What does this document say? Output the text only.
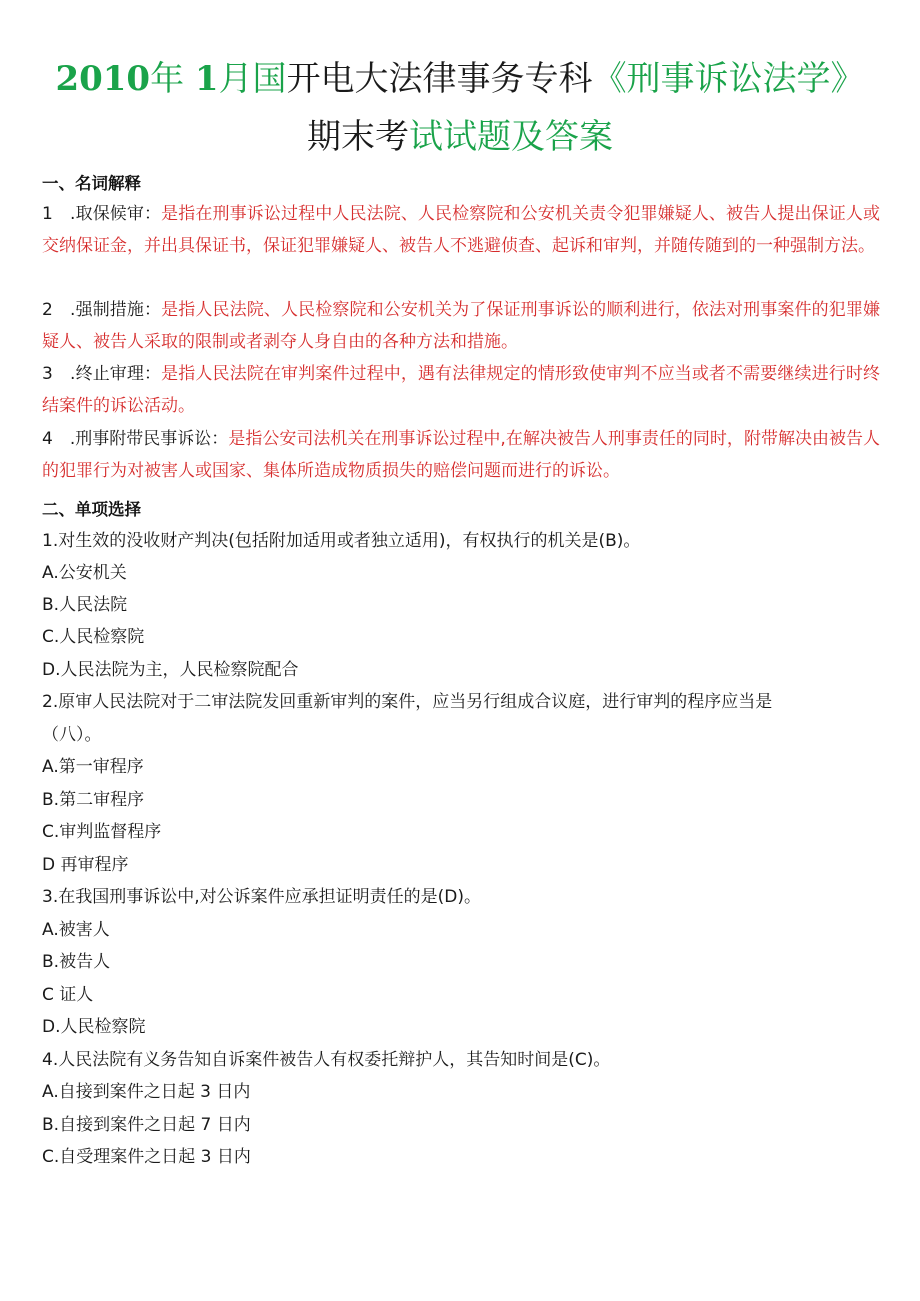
2010年 1月国开电大法律事务专科《刑事诉讼法学》
期末考试试题及答案
一、名词解释
1　.取保候审：是指在刑事诉讼过程中人民法院、人民检察院和公安机关责令犯罪嫌疑人、被告人提出保证人或交纳保证金，并出具保证书，保证犯罪嫌疑人、被告人不逃避侦查、起诉和审判，并随传随到的一种强制方法。
2　.强制措施：是指人民法院、人民检察院和公安机关为了保证刑事诉讼的顺利进行，依法对刑事案件的犯罪嫌疑人、被告人采取的限制或者剥夺人身自由的各种方法和措施。
3　.终止审理：是指人民法院在审判案件过程中，遇有法律规定的情形致使审判不应当或者不需要继续进行时终结案件的诉讼活动。
4　.刑事附带民事诉讼：是指公安司法机关在刑事诉讼过程中,在解决被告人刑事责任的同时，附带解决由被告人的犯罪行为对被害人或国家、集体所造成物质损失的赔偿问题而进行的诉讼。
二、单项选择
1.对生效的没收财产判决(包括附加适用或者独立适用)，有权执行的机关是(B)。
A.公安机关
B.人民法院
C.人民检察院
D.人民法院为主，人民检察院配合
2.原审人民法院对于二审法院发回重新审判的案件，应当另行组成合议庭，进行审判的程序应当是
（八）。
A.第一审程序
B.第二审程序
C.审判监督程序
D 再审程序
3.在我国刑事诉讼中,对公诉案件应承担证明责任的是(D)。
A.被害人
B.被告人
C 证人
D.人民检察院
4.人民法院有义务告知自诉案件被告人有权委托辩护人，其告知时间是(C)。
A.自接到案件之日起 3 日内
B.自接到案件之日起 7 日内
C.自受理案件之日起 3 日内
